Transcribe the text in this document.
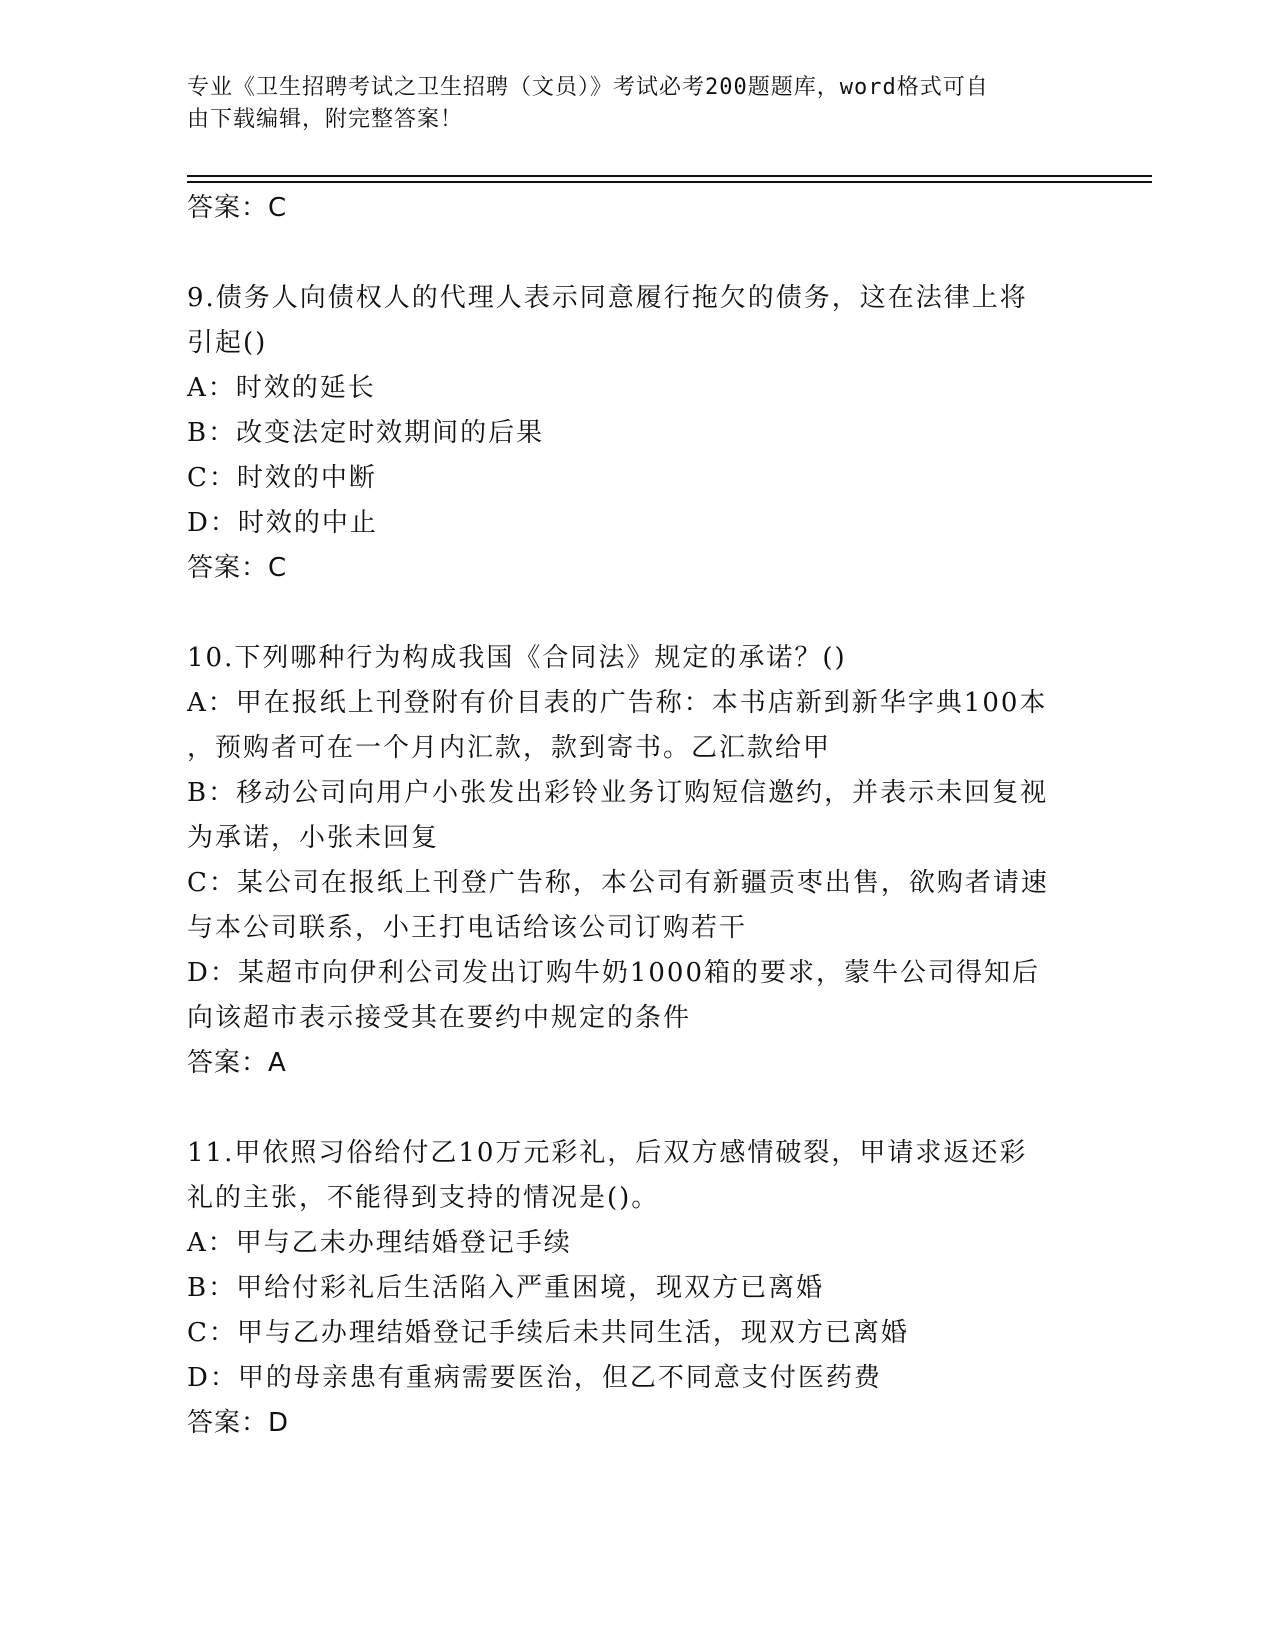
专业《卫生招聘考试之卫生招聘（文员）》考试必考200题题库，word格式可自
由下载编辑，附完整答案！
答案：C
9.债务人向债权人的代理人表示同意履行拖欠的债务，这在法律上将
引起()
A：时效的延长
B：改变法定时效期间的后果
C：时效的中断
D：时效的中止
答案：C
10.下列哪种行为构成我国《合同法》规定的承诺？()
A：甲在报纸上刊登附有价目表的广告称：本书店新到新华字典100本
，预购者可在一个月内汇款，款到寄书。乙汇款给甲
B：移动公司向用户小张发出彩铃业务订购短信邀约，并表示未回复视
为承诺，小张未回复
C：某公司在报纸上刊登广告称，本公司有新疆贡枣出售，欲购者请速
与本公司联系，小王打电话给该公司订购若干
D：某超市向伊利公司发出订购牛奶1000箱的要求，蒙牛公司得知后
向该超市表示接受其在要约中规定的条件
答案：A
11.甲依照习俗给付乙10万元彩礼，后双方感情破裂，甲请求返还彩
礼的主张，不能得到支持的情况是()。
A：甲与乙未办理结婚登记手续
B：甲给付彩礼后生活陷入严重困境，现双方已离婚
C：甲与乙办理结婚登记手续后未共同生活，现双方已离婚
D：甲的母亲患有重病需要医治，但乙不同意支付医药费
答案：D
